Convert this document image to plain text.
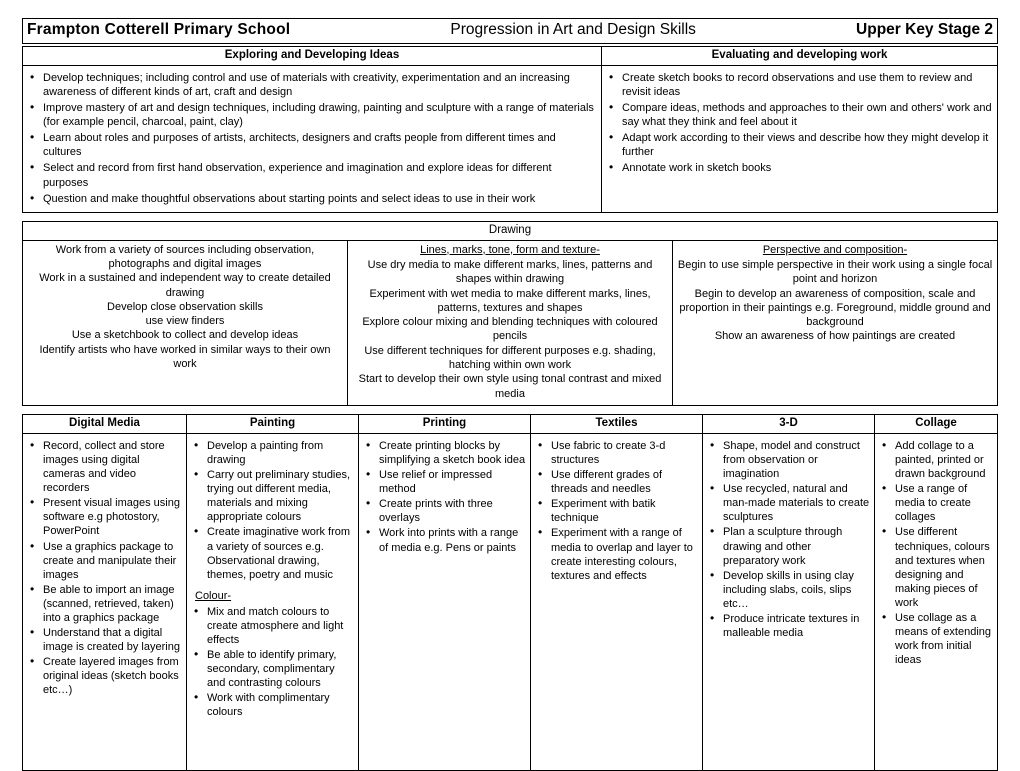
Frampton Cotterell Primary School	Progression in Art and Design Skills	Upper Key Stage 2
Exploring and Developing Ideas	Evaluating and developing work

• Develop techniques; including control and use of materials with creativity, experimentation and an increasing awareness of different kinds of art, craft and design
• Improve mastery of art and design techniques, including drawing, painting and sculpture with a range of materials (for example pencil, charcoal, paint, clay)
• Learn about roles and purposes of artists, architects, designers and crafts people from different times and cultures
• Select and record from first hand observation, experience and imagination and explore ideas for different purposes
• Question and make thoughtful observations about starting points and select ideas to use in their work

• Create sketch books to record observations and use them to review and revisit ideas
• Compare ideas, methods and approaches to their own and others' work and say what they think and feel about it
• Adapt work according to their views and describe how they might develop it further
• Annotate work in sketch books
Drawing

Work from a variety of sources including observation, photographs and digital images
Work in a sustained and independent way to create detailed drawing
Develop close observation skills
use view finders
Use a sketchbook to collect and develop ideas
Identify artists who have worked in similar ways to their own work

Lines, marks, tone, form and texture-
Use dry media to make different marks, lines, patterns and shapes within drawing
Experiment with wet media to make different marks, lines, patterns, textures and shapes
Explore colour mixing and blending techniques with coloured pencils
Use different techniques for different purposes e.g. shading, hatching within own work
Start to develop their own style using tonal contrast and mixed media

Perspective and composition-
Begin to use simple perspective in their work using a single focal point and horizon
Begin to develop an awareness of composition, scale and proportion in their paintings e.g. Foreground, middle ground and background
Show an awareness of how paintings are created
Digital Media	Painting	Printing	Textiles	3-D	Collage

• Record, collect and store images using digital cameras and video recorders
• Present visual images using software e.g photostory, PowerPoint
• Use a graphics package to create and manipulate their images
• Be able to import an image (scanned, retrieved, taken) into a graphics package
• Understand that a digital image is created by layering
• Create layered images from original ideas (sketch books etc…)

• Develop a painting from drawing
• Carry out preliminary studies, trying out different media, materials and mixing appropriate colours
• Create imaginative work from a variety of sources e.g. Observational drawing, themes, poetry and music
Colour-
• Mix and match colours to create atmosphere and light effects
• Be able to identify primary, secondary, complimentary and contrasting colours
• Work with complimentary colours

• Create printing blocks by simplifying a sketch book idea
• Use relief or impressed method
• Create prints with three overlays
• Work into prints with a range of media e.g. Pens or paints

• Use fabric to create 3-d structures
• Use different grades of threads and needles
• Experiment with batik technique
• Experiment with a range of media to overlap and layer to create interesting colours, textures and effects

• Shape, model and construct from observation or imagination
• Use recycled, natural and man-made materials to create sculptures
• Plan a sculpture through drawing and other preparatory work
• Develop skills in using clay including slabs, coils, slips etc…
• Produce intricate textures in malleable media

• Add collage to a painted, printed or drawn background
• Use a range of media to create collages
• Use different techniques, colours and textures when designing and making pieces of work
• Use collage as a means of extending work from initial ideas
